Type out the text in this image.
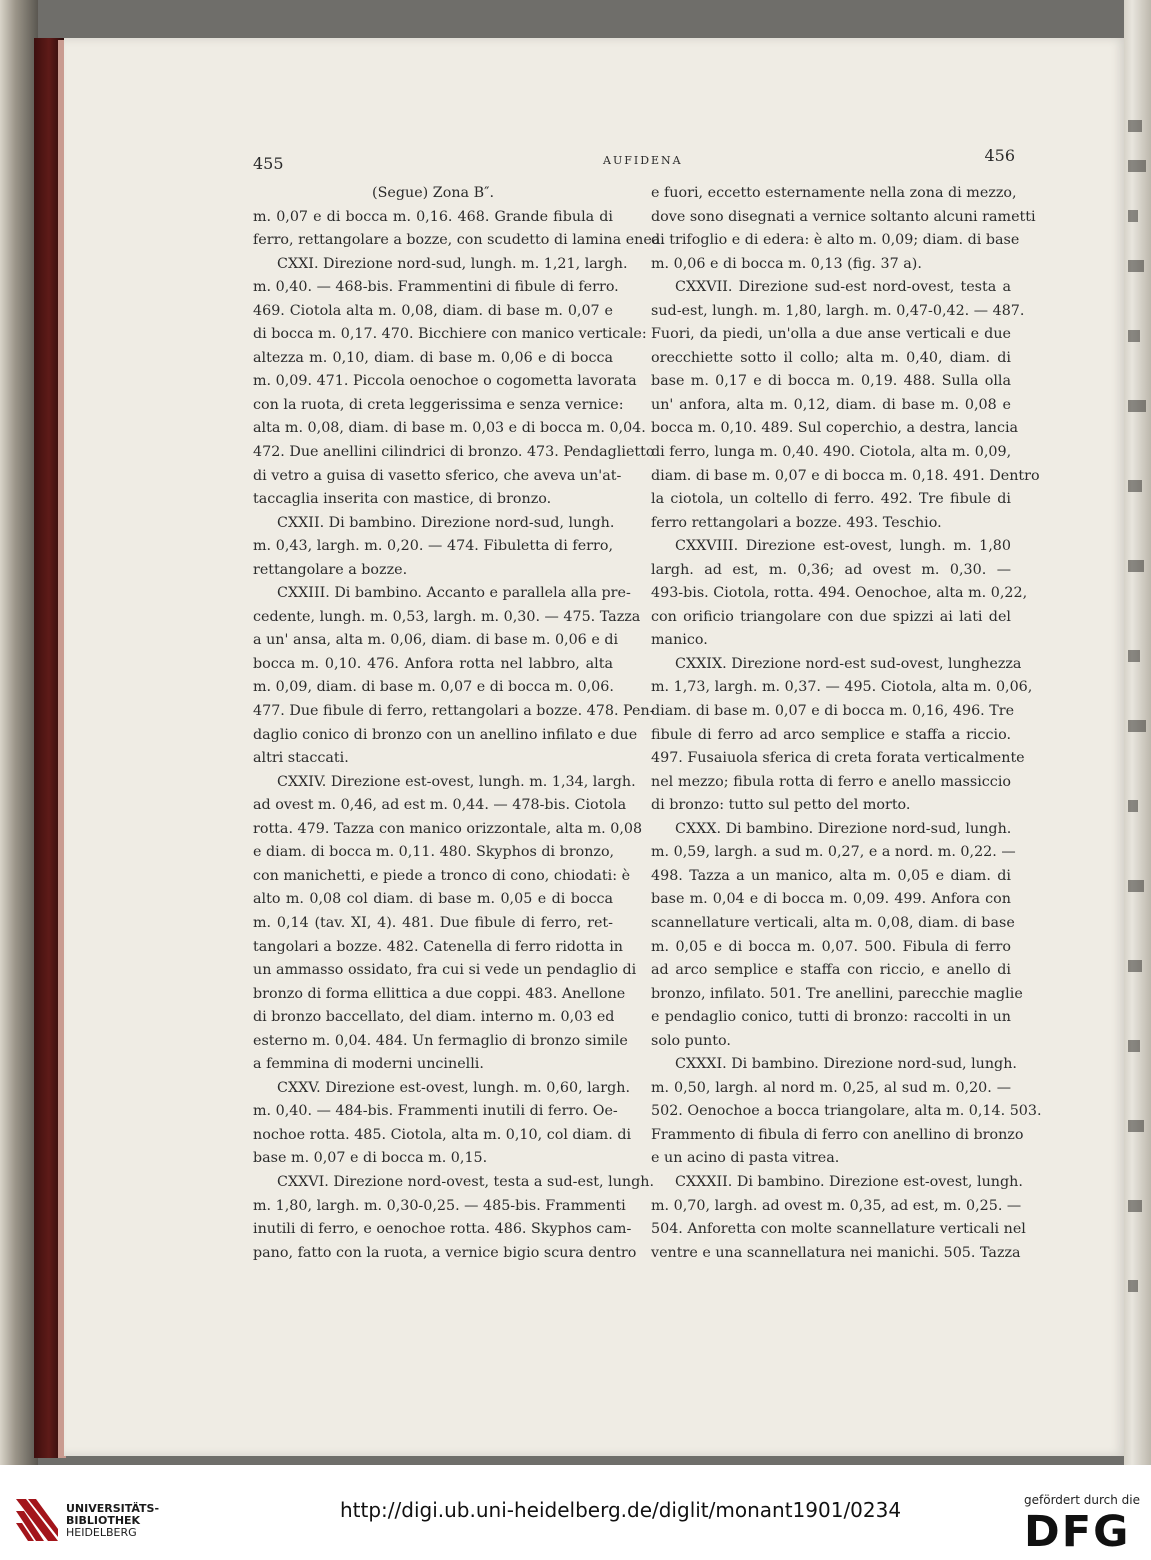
455	AUFIDENA	456
(Segue) Zona B″.
m. 0,07 e di bocca m. 0,16. 468. Grande fibula di
ferro, rettangolare a bozze, con scudetto di lamina enea.
CXXI. Direzione nord-sud, lungh. m. 1,21, largh.
m. 0,40. — 468-bis. Frammentini di fibule di ferro.
469. Ciotola alta m. 0,08, diam. di base m. 0,07 e
di bocca m. 0,17. 470. Bicchiere con manico verticale:
altezza m. 0,10, diam. di base m. 0,06 e di bocca
m. 0,09. 471. Piccola oenochoe o cogometta lavorata
con la ruota, di creta leggerissima e senza vernice:
alta m. 0,08, diam. di base m. 0,03 e di bocca m. 0,04.
472. Due anellini cilindrici di bronzo. 473. Pendaglietto
di vetro a guisa di vasetto sferico, che aveva un'at-
taccaglia inserita con mastice, di bronzo.
CXXII. Di bambino. Direzione nord-sud, lungh.
m. 0,43, largh. m. 0,20. — 474. Fibuletta di ferro,
rettangolare a bozze.
CXXIII. Di bambino. Accanto e parallela alla pre-
cedente, lungh. m. 0,53, largh. m. 0,30. — 475. Tazza
a un' ansa, alta m. 0,06, diam. di base m. 0,06 e di
bocca m. 0,10. 476. Anfora rotta nel labbro, alta
m. 0,09, diam. di base m. 0,07 e di bocca m. 0,06.
477. Due fibule di ferro, rettangolari a bozze. 478. Pen-
daglio conico di bronzo con un anellino infilato e due
altri staccati.
CXXIV. Direzione est-ovest, lungh. m. 1,34, largh.
ad ovest m. 0,46, ad est m. 0,44. — 478-bis. Ciotola
rotta. 479. Tazza con manico orizzontale, alta m. 0,08
e diam. di bocca m. 0,11. 480. Skyphos di bronzo,
con manichetti, e piede a tronco di cono, chiodati: è
alto m. 0,08 col diam. di base m. 0,05 e di bocca
m. 0,14 (tav. XI, 4). 481. Due fibule di ferro, ret-
tangolari a bozze. 482. Catenella di ferro ridotta in
un ammasso ossidato, fra cui si vede un pendaglio di
bronzo di forma ellittica a due coppi. 483. Anellone
di bronzo baccellato, del diam. interno m. 0,03 ed
esterno m. 0,04. 484. Un fermaglio di bronzo simile
a femmina di moderni uncinelli.
CXXV. Direzione est-ovest, lungh. m. 0,60, largh.
m. 0,40. — 484-bis. Frammenti inutili di ferro. Oe-
nochoe rotta. 485. Ciotola, alta m. 0,10, col diam. di
base m. 0,07 e di bocca m. 0,15.
CXXVI. Direzione nord-ovest, testa a sud-est, lungh.
m. 1,80, largh. m. 0,30-0,25. — 485-bis. Frammenti
inutili di ferro, e oenochoe rotta. 486. Skyphos cam-
pano, fatto con la ruota, a vernice bigio scura dentro
e fuori, eccetto esternamente nella zona di mezzo,
dove sono disegnati a vernice soltanto alcuni rametti
di trifoglio e di edera: è alto m. 0,09; diam. di base
m. 0,06 e di bocca m. 0,13 (fig. 37 a).
CXXVII. Direzione sud-est nord-ovest, testa a
sud-est, lungh. m. 1,80, largh. m. 0,47-0,42. — 487.
Fuori, da piedi, un'olla a due anse verticali e due
orecchiette sotto il collo; alta m. 0,40, diam. di
base m. 0,17 e di bocca m. 0,19. 488. Sulla olla
un' anfora, alta m. 0,12, diam. di base m. 0,08 e
bocca m. 0,10. 489. Sul coperchio, a destra, lancia
di ferro, lunga m. 0,40. 490. Ciotola, alta m. 0,09,
diam. di base m. 0,07 e di bocca m. 0,18. 491. Dentro
la ciotola, un coltello di ferro. 492. Tre fibule di
ferro rettangolari a bozze. 493. Teschio.
CXXVIII. Direzione est-ovest, lungh. m. 1,80
largh. ad est, m. 0,36; ad ovest m. 0,30. —
493-bis. Ciotola, rotta. 494. Oenochoe, alta m. 0,22,
con orificio triangolare con due spizzi ai lati del
manico.
CXXIX. Direzione nord-est sud-ovest, lunghezza
m. 1,73, largh. m. 0,37. — 495. Ciotola, alta m. 0,06,
diam. di base m. 0,07 e di bocca m. 0,16, 496. Tre
fibule di ferro ad arco semplice e staffa a riccio.
497. Fusaiuola sferica di creta forata verticalmente
nel mezzo; fibula rotta di ferro e anello massiccio
di bronzo: tutto sul petto del morto.
CXXX. Di bambino. Direzione nord-sud, lungh.
m. 0,59, largh. a sud m. 0,27, e a nord. m. 0,22. —
498. Tazza a un manico, alta m. 0,05 e diam. di
base m. 0,04 e di bocca m. 0,09. 499. Anfora con
scannellature verticali, alta m. 0,08, diam. di base
m. 0,05 e di bocca m. 0,07. 500. Fibula di ferro
ad arco semplice e staffa con riccio, e anello di
bronzo, infilato. 501. Tre anellini, parecchie maglie
e pendaglio conico, tutti di bronzo: raccolti in un
solo punto.
CXXXI. Di bambino. Direzione nord-sud, lungh.
m. 0,50, largh. al nord m. 0,25, al sud m. 0,20. —
502. Oenochoe a bocca triangolare, alta m. 0,14. 503.
Frammento di fibula di ferro con anellino di bronzo
e un acino di pasta vitrea.
CXXXII. Di bambino. Direzione est-ovest, lungh.
m. 0,70, largh. ad ovest m. 0,35, ad est, m. 0,25. —
504. Anforetta con molte scannellature verticali nel
ventre e una scannellatura nei manichi. 505. Tazza
UNIVERSITÄTS-
BIBLIOTHEK
HEIDELBERG
http://digi.ub.uni-heidelberg.de/diglit/monant1901/0234	gefördert durch die
DFG
